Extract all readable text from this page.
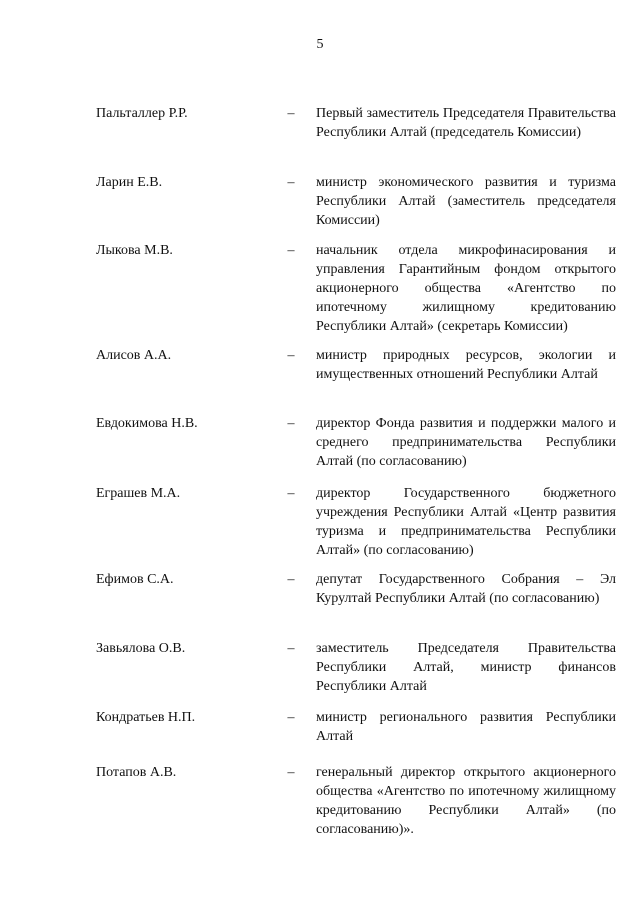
5
Пальталлер Р.Р.	– Первый заместитель Председателя Правительства Республики Алтай (председатель Комиссии)
Ларин Е.В.	– министр экономического развития и туризма Республики Алтай (заместитель председателя Комиссии)
Лыкова М.В.	– начальник отдела микрофинасирования и управления Гарантийным фондом открытого акционерного общества «Агентство по ипотечному жилищному кредитованию Республики Алтай» (секретарь Комиссии)
Алисов А.А.	– министр природных ресурсов, экологии и имущественных отношений Республики Алтай
Евдокимова Н.В.	– директор Фонда развития и поддержки малого и среднего предпринимательства Республики Алтай (по согласованию)
Еграшев М.А.	– директор Государственного бюджетного учреждения Республики Алтай «Центр развития туризма и предпринимательства Республики Алтай» (по согласованию)
Ефимов С.А.	– депутат Государственного Собрания – Эл Курултай Республики Алтай (по согласованию)
Завьялова О.В.	– заместитель Председателя Правительства Республики Алтай, министр финансов Республики Алтай
Кондратьев Н.П.	– министр регионального развития Республики Алтай
Потапов А.В.	– генеральный директор открытого акционерного общества «Агентство по ипотечному жилищному кредитованию Республики Алтай» (по согласованию)».
